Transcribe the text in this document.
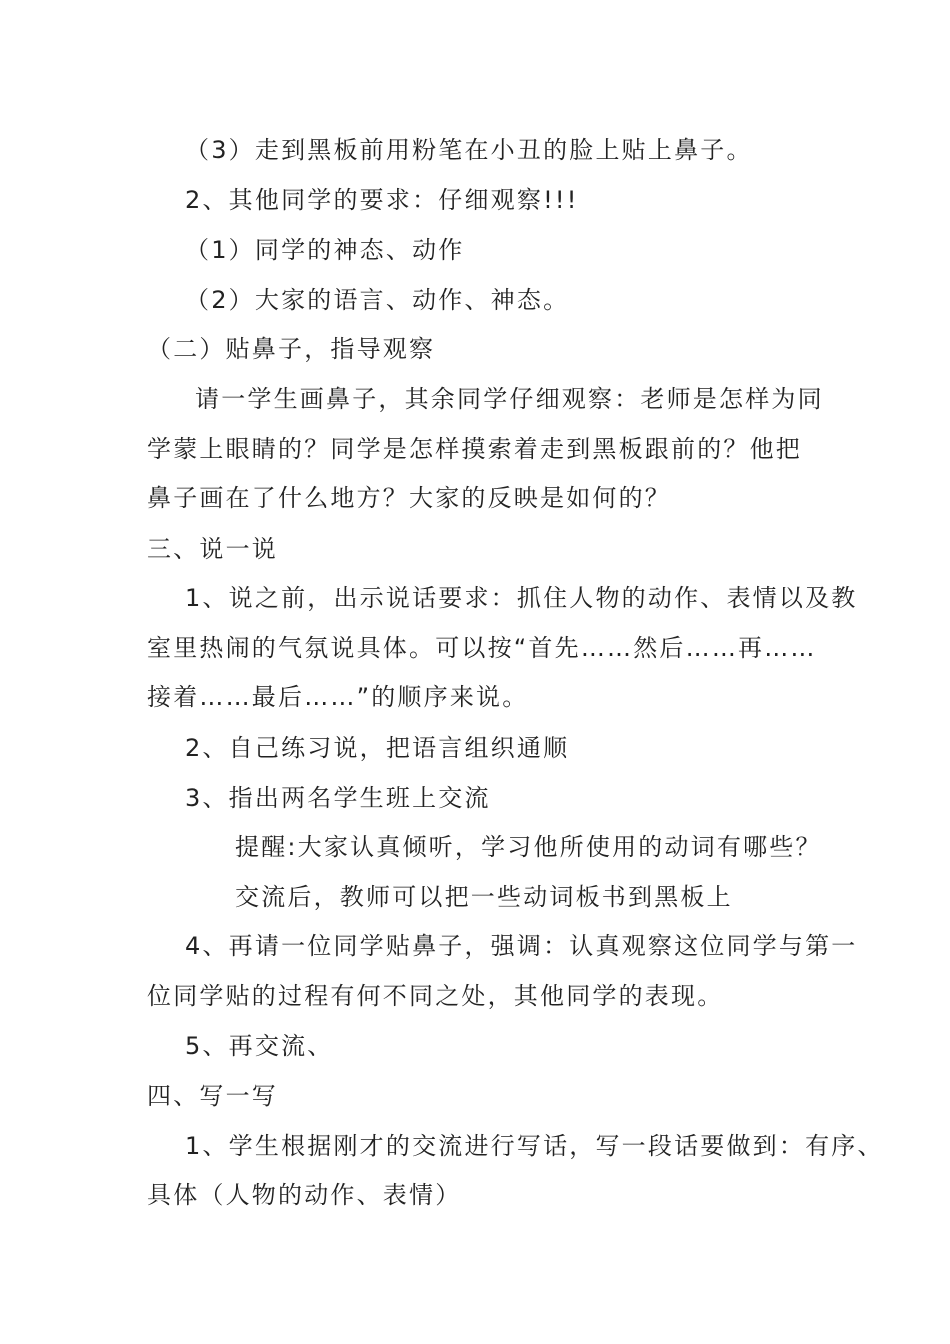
（3）走到黑板前用粉笔在小丑的脸上贴上鼻子。
2、其他同学的要求：仔细观察!!!
（1）同学的神态、动作
（2）大家的语言、动作、神态。
（二）贴鼻子，指导观察
请一学生画鼻子，其余同学仔细观察：老师是怎样为同
学蒙上眼睛的？同学是怎样摸索着走到黑板跟前的？他把
鼻子画在了什么地方？大家的反映是如何的？
三、说一说
1、说之前，出示说话要求：抓住人物的动作、表情以及教
室里热闹的气氛说具体。可以按“首先……然后……再……
接着……最后……”的顺序来说。
2、自己练习说，把语言组织通顺
3、指出两名学生班上交流
提醒:大家认真倾听，学习他所使用的动词有哪些？
交流后，教师可以把一些动词板书到黑板上
4、再请一位同学贴鼻子，强调：认真观察这位同学与第一
位同学贴的过程有何不同之处，其他同学的表现。
5、再交流、
四、写一写
1、学生根据刚才的交流进行写话，写一段话要做到：有序、
具体（人物的动作、表情）
